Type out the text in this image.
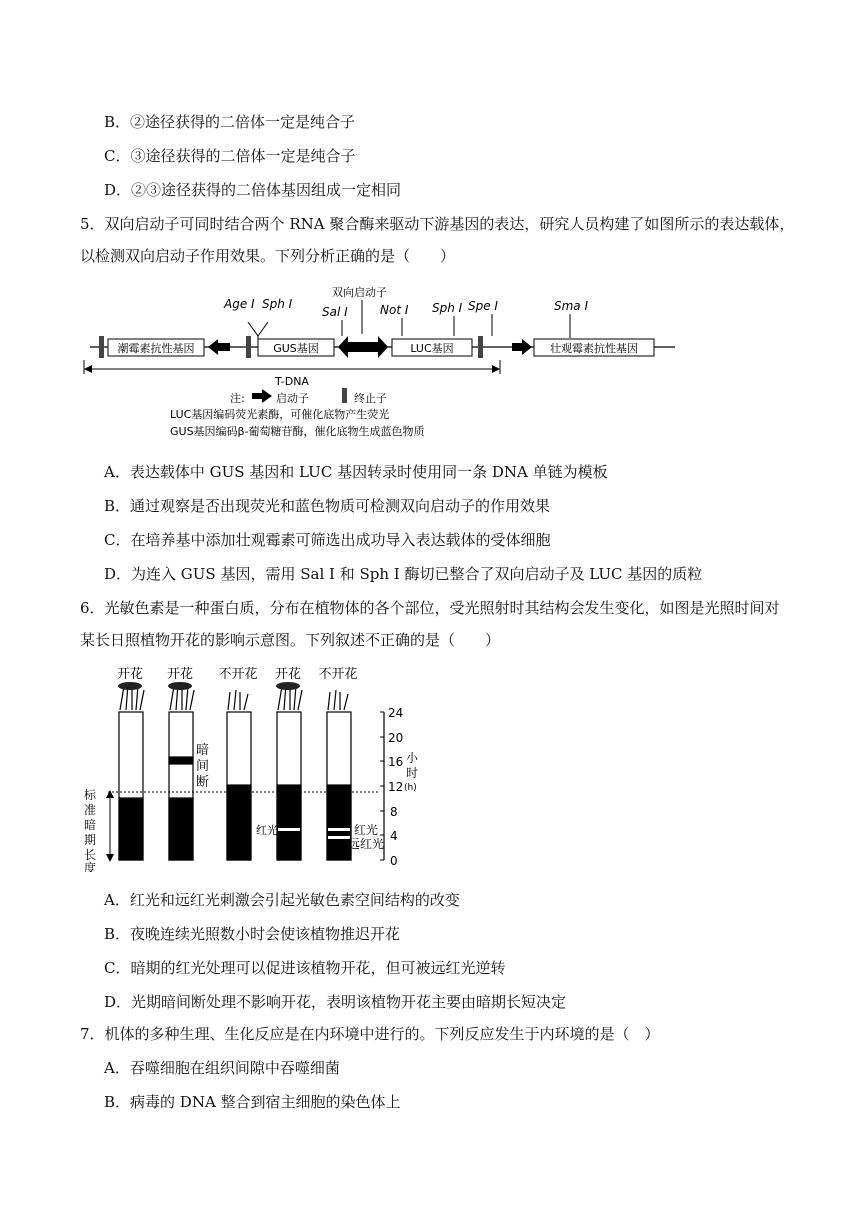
B．②途径获得的二倍体一定是纯合子
C．③途径获得的二倍体一定是纯合子
D．②③途径获得的二倍体基因组成一定相同
5．双向启动子可同时结合两个 RNA 聚合酶来驱动下游基因的表达，研究人员构建了如图所示的表达载体，
以检测双向启动子作用效果。下列分析正确的是（　　）
Age Ⅰ Sph Ⅰ
双向启动子
Sal Ⅰ	Not Ⅰ Sph Ⅰ Spe Ⅰ	Sma Ⅰ
潮霉素抗性基因	GUS基因	LUC基因	壮观霉素抗性基因
T-DNA
注:	启动子	终止子
LUC基因编码荧光素酶，可催化底物产生荧光
GUS基因编码β-葡萄糖苷酶，催化底物生成蓝色物质
A．表达载体中 GUS 基因和 LUC 基因转录时使用同一条 DNA 单链为模板
B．通过观察是否出现荧光和蓝色物质可检测双向启动子的作用效果
C．在培养基中添加壮观霉素可筛选出成功导入表达载体的受体细胞
D．为连入 GUS 基因，需用 Sal I 和 Sph I 酶切已整合了双向启动子及 LUC 基因的质粒
6．光敏色素是一种蛋白质，分布在植物体的各个部位，受光照射时其结构会发生变化，如图是光照时间对
某长日照植物开花的影响示意图。下列叙述不正确的是（　　）
开花 开花 不开花 开花 不开花
标
准
暗
期
长
度
暗
间
断
红光	红光
远红光
24
20
16
12
8
4
0
小
时
(h)
A．红光和远红光刺激会引起光敏色素空间结构的改变
B．夜晚连续光照数小时会使该植物推迟开花
C．暗期的红光处理可以促进该植物开花，但可被远红光逆转
D．光期暗间断处理不影响开花，表明该植物开花主要由暗期长短决定
7．机体的多种生理、生化反应是在内环境中进行的。下列反应发生于内环境的是（　）
A．吞噬细胞在组织间隙中吞噬细菌
B．病毒的 DNA 整合到宿主细胞的染色体上
